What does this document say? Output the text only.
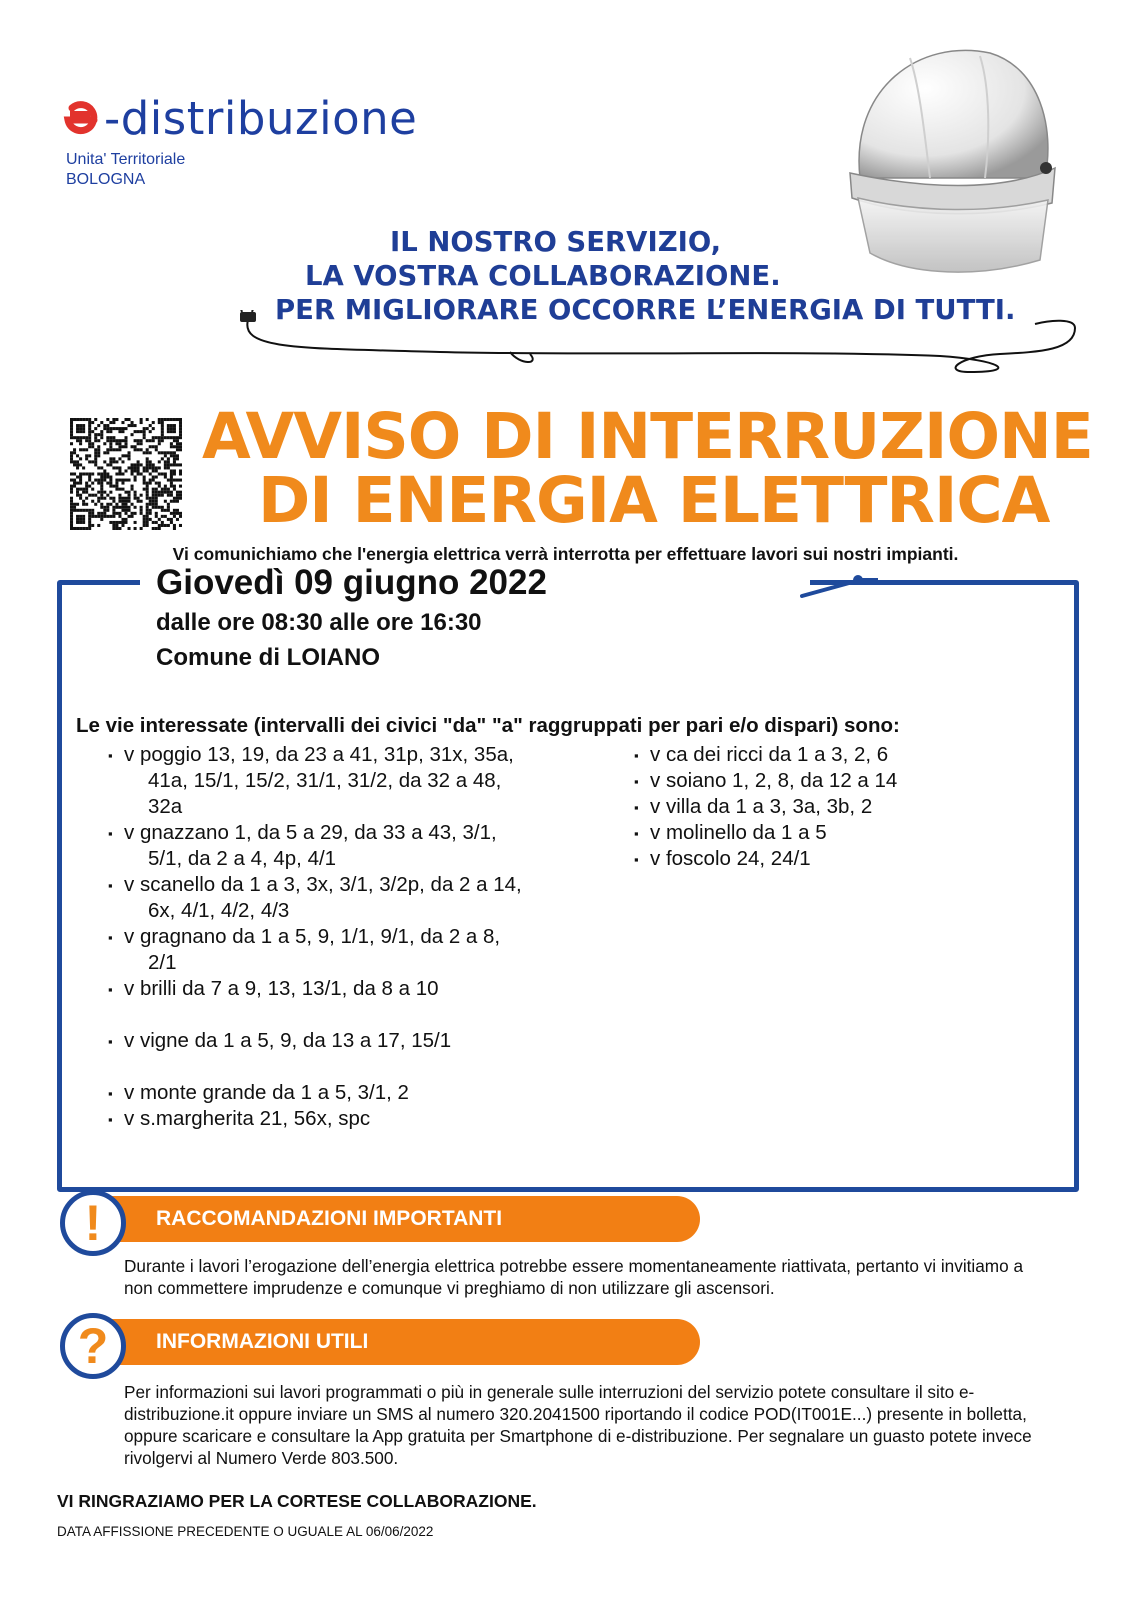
-distribuzione
Unita' Territoriale
BOLOGNA
IL NOSTRO SERVIZIO,
LA VOSTRA COLLABORAZIONE.
PER MIGLIORARE OCCORRE L’ENERGIA DI TUTTI.
AVVISO DI INTERRUZIONE
DI ENERGIA ELETTRICA
Vi comunichiamo che l'energia elettrica verrà interrotta per effettuare lavori sui nostri impianti.
Giovedì 09 giugno 2022
dalle ore 08:30 alle ore 16:30
Comune di LOIANO
Le vie interessate (intervalli dei civici "da" "a" raggruppati per pari e/o dispari) sono:
v poggio 13, 19, da 23 a 41, 31p, 31x, 35a, 41a, 15/1, 15/2, 31/1, 31/2, da 32 a 48, 32a
v gnazzano 1, da 5 a 29, da 33 a 43, 3/1, 5/1, da 2 a 4, 4p, 4/1
v scanello da 1 a 3, 3x, 3/1, 3/2p, da 2 a 14, 6x, 4/1, 4/2, 4/3
v gragnano da 1 a 5, 9, 1/1, 9/1, da 2 a 8, 2/1
v brilli da 7 a 9, 13, 13/1, da 8 a 10
v vigne da 1 a 5, 9, da 13 a 17, 15/1
v monte grande da 1 a 5, 3/1, 2
v s.margherita 21, 56x, spc
v ca dei ricci da 1 a 3, 2, 6
v soiano 1, 2, 8, da 12 a 14
v villa da 1 a 3, 3a, 3b, 2
v molinello da 1 a 5
v foscolo 24, 24/1
!	RACCOMANDAZIONI IMPORTANTI
Durante i lavori l’erogazione dell’energia elettrica potrebbe essere momentaneamente riattivata, pertanto vi invitiamo a non commettere imprudenze e comunque vi preghiamo di non utilizzare gli ascensori.
?	INFORMAZIONI UTILI
Per informazioni sui lavori programmati o più in generale sulle interruzioni del servizio potete consultare il sito e-distribuzione.it oppure inviare un SMS al numero 320.2041500 riportando il codice POD(IT001E...) presente in bolletta, oppure scaricare e consultare la App gratuita per Smartphone di e-distribuzione. Per segnalare un guasto potete invece rivolgervi al Numero Verde 803.500.
VI RINGRAZIAMO PER LA CORTESE COLLABORAZIONE.
DATA AFFISSIONE PRECEDENTE O UGUALE AL 06/06/2022
